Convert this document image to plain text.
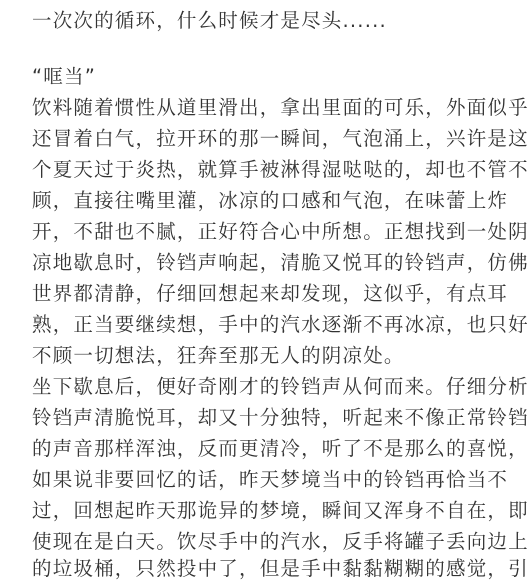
一次次的循环，什么时候才是尽头......
“哐当”
饮料随着惯性从道里滑出，拿出里面的可乐，外面似乎
还冒着白气，拉开环的那一瞬间，气泡涌上，兴许是这
个夏天过于炎热，就算手被淋得湿哒哒的，却也不管不
顾，直接往嘴里灌，冰凉的口感和气泡，在味蕾上炸
开，不甜也不腻，正好符合心中所想。正想找到一处阴
凉地歇息时，铃铛声响起，清脆又悦耳的铃铛声，仿佛
世界都清静，仔细回想起来却发现，这似乎，有点耳
熟，正当要继续想，手中的汽水逐渐不再冰凉，也只好
不顾一切想法，狂奔至那无人的阴凉处。
坐下歇息后，便好奇刚才的铃铛声从何而来。仔细分析
铃铛声清脆悦耳，却又十分独特，听起来不像正常铃铛
的声音那样浑浊，反而更清冷，听了不是那么的喜悦，
如果说非要回忆的话，昨天梦境当中的铃铛再恰当不
过，回想起昨天那诡异的梦境，瞬间又浑身不自在，即
使现在是白天。饮尽手中的汽水，反手将罐子丢向边上
的垃圾桶，只然投中了，但是手中黏黏糊糊的感觉，引
